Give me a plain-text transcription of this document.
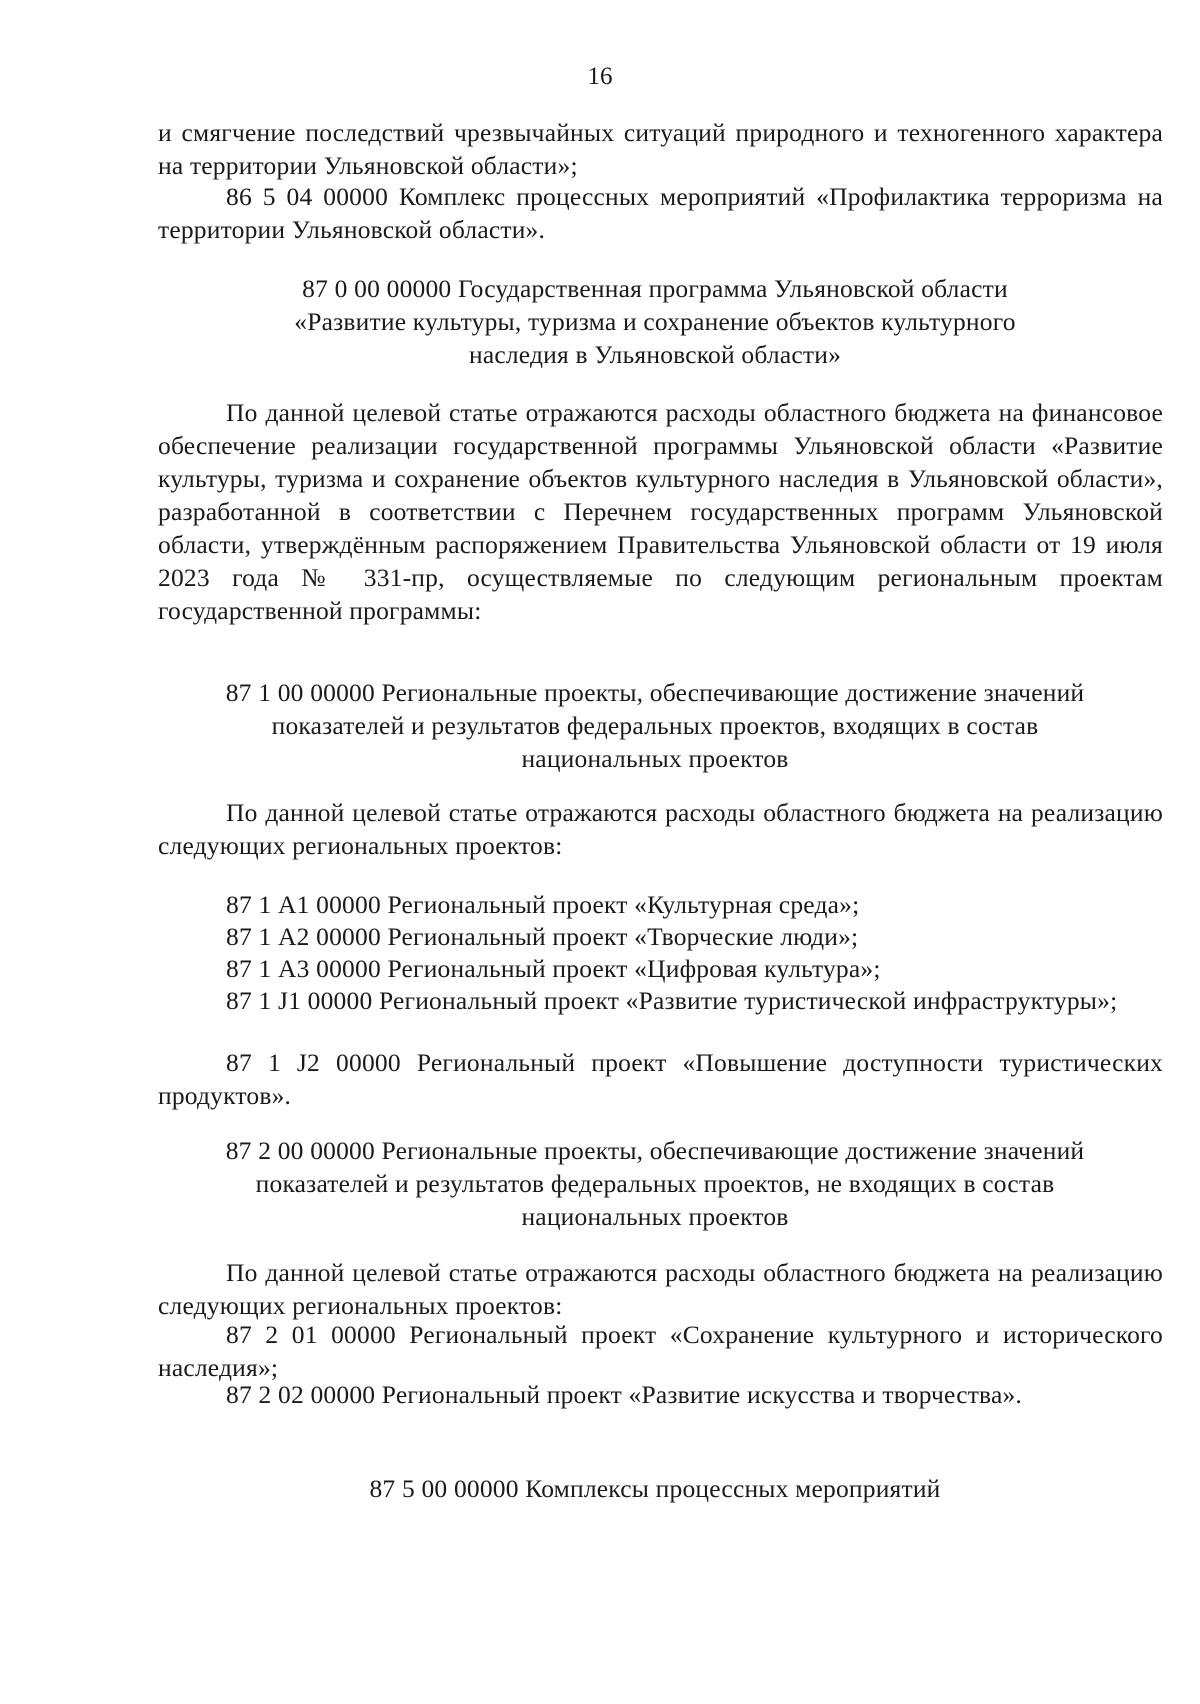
16
и смягчение последствий чрезвычайных ситуаций природного и техногенного характера на территории Ульяновской области»;
86 5 04 00000 Комплекс процессных мероприятий «Профилактика терроризма на территории Ульяновской области».
87 0 00 00000 Государственная программа Ульяновской области
«Развитие культуры, туризма и сохранение объектов культурного
наследия в Ульяновской области»
По данной целевой статье отражаются расходы областного бюджета на финансовое обеспечение реализации государственной программы Ульяновской области «Развитие культуры, туризма и сохранение объектов культурного наследия в Ульяновской области», разработанной в соответствии с Перечнем государственных программ Ульяновской области, утверждённым распоряжением Правительства Ульяновской области от 19 июля 2023 года № 331-пр, осуществляемые по следующим региональным проектам государственной программы:
87 1 00 00000 Региональные проекты, обеспечивающие достижение значений
показателей и результатов федеральных проектов, входящих в состав
национальных проектов
По данной целевой статье отражаются расходы областного бюджета на реализацию следующих региональных проектов:
87 1 А1 00000 Региональный проект «Культурная среда»;
87 1 А2 00000 Региональный проект «Творческие люди»;
87 1 А3 00000 Региональный проект «Цифровая культура»;
87 1 J1 00000 Региональный проект «Развитие туристической инфраструктуры»;
87 1 J2 00000 Региональный проект «Повышение доступности туристических продуктов».
87 2 00 00000 Региональные проекты, обеспечивающие достижение значений
показателей и результатов федеральных проектов, не входящих в состав
национальных проектов
По данной целевой статье отражаются расходы областного бюджета на реализацию следующих региональных проектов:
87 2 01 00000 Региональный проект «Сохранение культурного и исторического наследия»;
87 2 02 00000 Региональный проект «Развитие искусства и творчества».
87 5 00 00000 Комплексы процессных мероприятий
